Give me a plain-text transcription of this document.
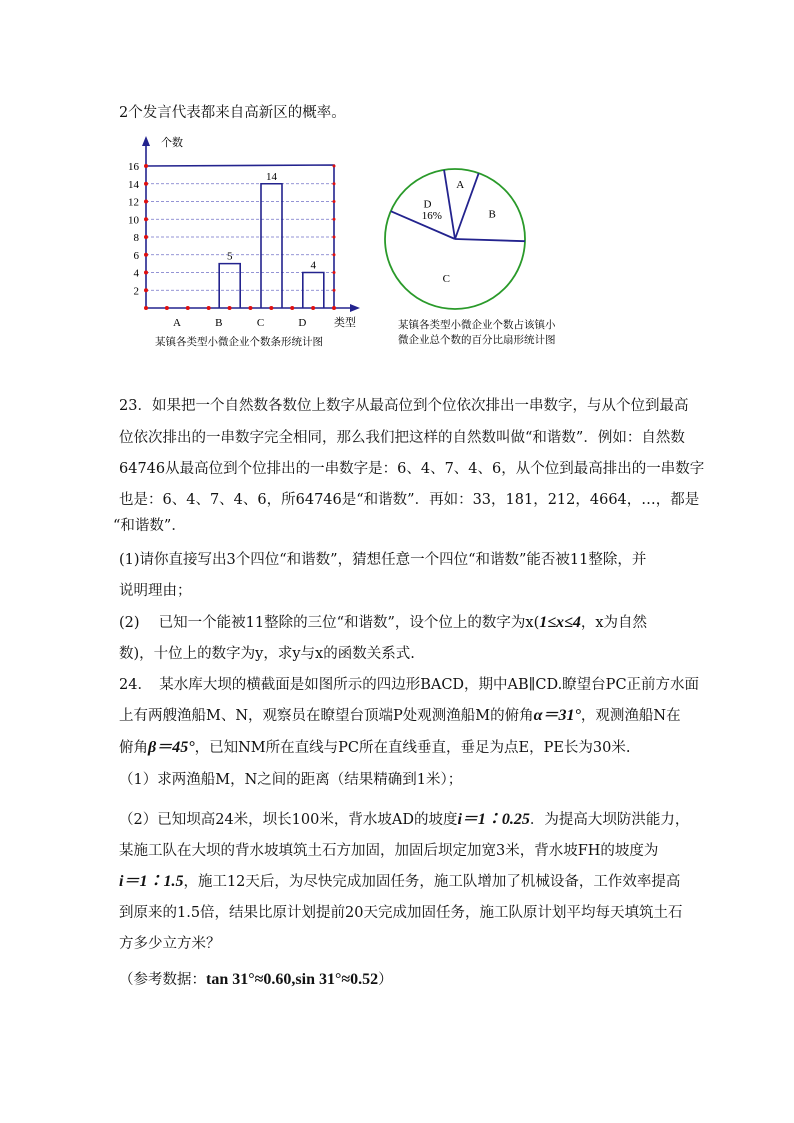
2个发言代表都来自高新区的概率。
2
4
6
8
10
12
14
16
个数
类型
A
5
B
14
C
4
D
某镇各类型小微企业个数条形统计图
A
B
C
D
16%
某镇各类型小微企业个数占该镇小
微企业总个数的百分比扇形统计图
23．如果把一个自然数各数位上数字从最高位到个位依次排出一串数字，与从个位到最高
位依次排出的一串数字完全相同，那么我们把这样的自然数叫做“和谐数”．例如：自然数
64746从最高位到个位排出的一串数字是：6、4、7、4、6，从个位到最高排出的一串数字
也是：6、4、7、4、6，所64746是“和谐数”．再如：33，181，212，4664，…，都是
“和谐数”．
(1)请你直接写出3个四位“和谐数”，猜想任意一个四位“和谐数”能否被11整除，并
说明理由；
(2)　 已知一个能被11整除的三位“和谐数”，设个位上的数字为x(1≤x≤4，x为自然
数)，十位上的数字为y，求y与x的函数关系式.
24．　某水库大坝的横截面是如图所示的四边形BACD，期中AB∥CD.瞭望台PC正前方水面
上有两艘渔船M、N，观察员在瞭望台顶端P处观测渔船M的俯角α＝31°，观测渔船N在
俯角β＝45°，已知NM所在直线与PC所在直线垂直，垂足为点E，PE长为30米.
（1）求两渔船M，N之间的距离（结果精确到1米）；
（2）已知坝高24米，坝长100米，背水坡AD的坡度i＝1∶0.25．为提高大坝防洪能力，
某施工队在大坝的背水坡填筑土石方加固，加固后坝定加宽3米，背水坡FH的坡度为
i＝1∶1.5，施工12天后，为尽快完成加固任务，施工队增加了机械设备，工作效率提高
到原来的1.5倍，结果比原计划提前20天完成加固任务，施工队原计划平均每天填筑土石
方多少立方米？
（参考数据：tan 31°≈0.60,sin 31°≈0.52）
